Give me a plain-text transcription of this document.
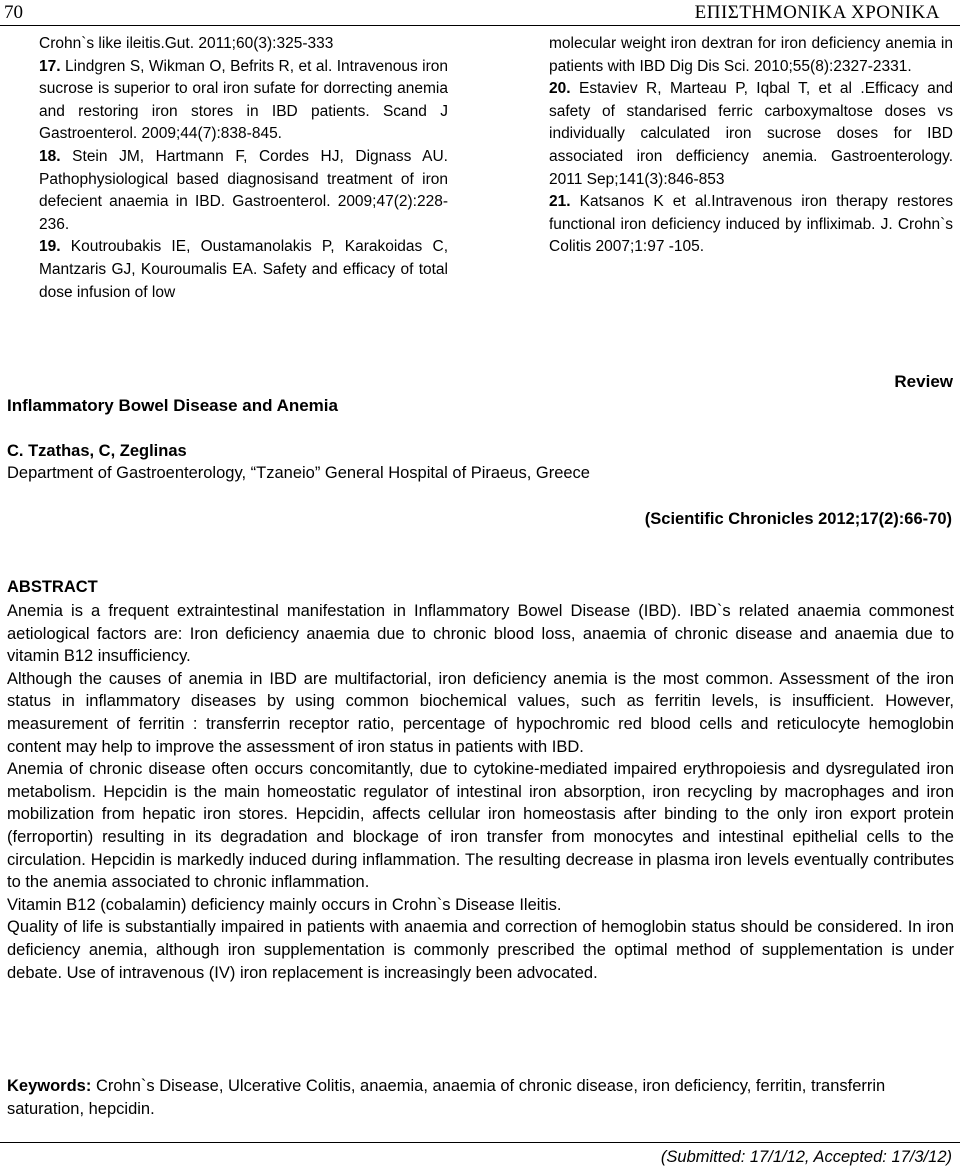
70	ΕΠΙΣΤΗΜΟΝΙΚΑ ΧΡΟΝΙΚΑ
Crohn`s like ileitis.Gut. 2011;60(3):325-333
17. Lindgren S, Wikman O, Befrits R, et al. Intravenous iron sucrose is superior to oral iron sufate for dorrecting anemia and restoring iron stores in IBD patients. Scand J Gastroenterol. 2009;44(7):838-845.
18. Stein JM, Hartmann F, Cordes HJ, Dignass AU. Pathophysiological based diagnosisand treatment of iron defecient anaemia in IBD. Gastroenterol. 2009;47(2):228-236.
19. Koutroubakis IE, Oustamanolakis P, Karakoidas C, Mantzaris GJ, Kouroumalis EA. Safety and efficacy of total dose infusion of low
molecular weight iron dextran for iron deficiency anemia in patients with IBD Dig Dis Sci. 2010;55(8):2327-2331.
20. Estaviev R, Marteau P, Iqbal T, et al .Efficacy and safety of standarised ferric carboxymaltose doses vs individually calculated iron sucrose doses for IBD associated iron defficiency anemia. Gastroenterology. 2011 Sep;141(3):846-853
21. Katsanos K et al.Intravenous iron therapy restores functional iron deficiency induced by infliximab. J. Crohn`s Colitis 2007;1:97 -105.
Review
Inflammatory Bowel Disease and Anemia
C. Tzathas, C, Zeglinas
Department of Gastroenterology, “Tzaneio” General Hospital of Piraeus, Greece
(Scientific Chronicles 2012;17(2):66-70)
ABSTRACT

Anemia is a frequent extraintestinal manifestation in Inflammatory Bowel Disease (IBD). IBD`s related anaemia commonest aetiological factors are: Iron deficiency anaemia due to chronic blood loss, anaemia of chronic disease and anaemia due to vitamin B12 insufficiency.

Although the causes of anemia in IBD are multifactorial, iron deficiency anemia is the most common. Assessment of the iron status in inflammatory diseases by using common biochemical values, such as ferritin levels, is insufficient. However, measurement of ferritin : transferrin receptor ratio, percentage of hypochromic red blood cells and reticulocyte hemoglobin content may help to improve the assessment of iron status in patients with IBD.

Anemia of chronic disease often occurs concomitantly, due to cytokine-mediated impaired erythropoiesis and dysregulated iron metabolism. Hepcidin is the main homeostatic regulator of intestinal iron absorption, iron recycling by macrophages and iron mobilization from hepatic iron stores. Hepcidin, affects cellular iron homeostasis after binding to the only iron export protein (ferroportin) resulting in its degradation and blockage of iron transfer from monocytes and intestinal epithelial cells to the circulation. Hepcidin is markedly induced during inflammation. The resulting decrease in plasma iron levels eventually contributes to the anemia associated to chronic inflammation.

Vitamin B12 (cobalamin) deficiency mainly occurs in Crohn`s Disease Ileitis.

Quality of life is substantially impaired in patients with anaemia and correction of hemoglobin status should be considered. In iron deficiency anemia, although iron supplementation is commonly prescribed the optimal method of supplementation is under debate. Use of intravenous (IV) iron replacement is increasingly been advocated.

Keywords: Crohn`s Disease, Ulcerative Colitis, anaemia, anaemia of chronic disease, iron deficiency, ferritin, transferrin saturation, hepcidin.
(Submitted: 17/1/12, Accepted: 17/3/12)
